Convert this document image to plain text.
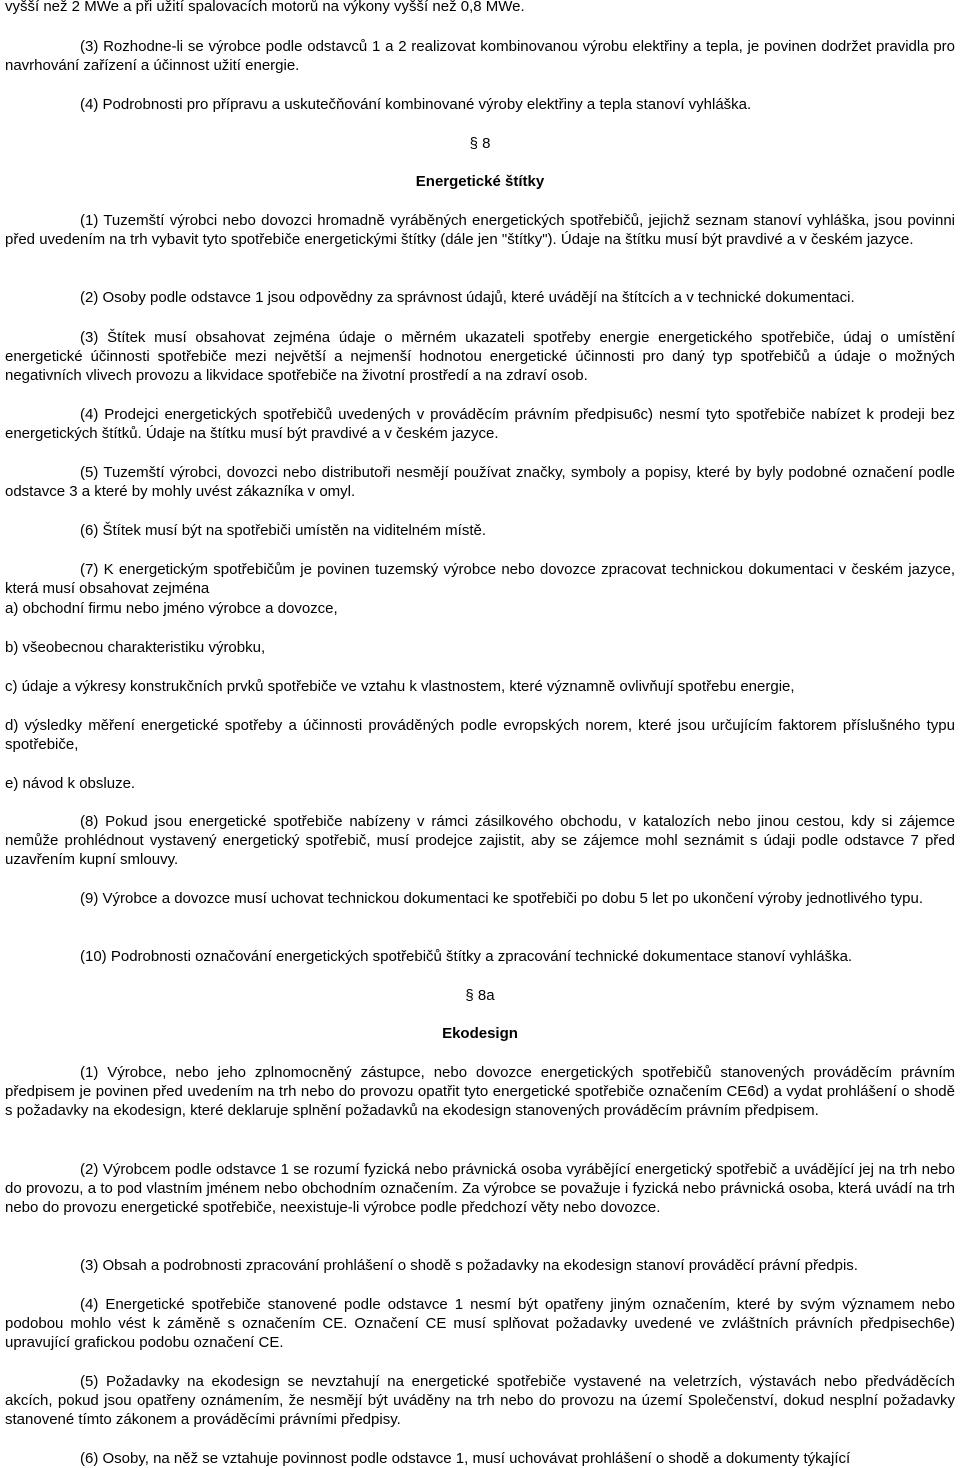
vyšší než 2 MWe a při užití spalovacích motorů na výkony vyšší než 0,8 MWe.

(3) Rozhodne-li se výrobce podle odstavců 1 a 2 realizovat kombinovanou výrobu elektřiny a tepla, je povinen dodržet pravidla pro navrhování zařízení a účinnost užití energie.

(4) Podrobnosti pro přípravu a uskutečňování kombinované výroby elektřiny a tepla stanoví vyhláška.

§ 8

Energetické štítky

(1) Tuzemští výrobci nebo dovozci hromadně vyráběných energetických spotřebičů, jejichž seznam stanoví vyhláška, jsou povinni před uvedením na trh vybavit tyto spotřebiče energetickými štítky (dále jen "štítky"). Údaje na štítku musí být pravdivé a v českém jazyce.

(2) Osoby podle odstavce 1 jsou odpovědny za správnost údajů, které uvádějí na štítcích a v technické dokumentaci.

(3) Štítek musí obsahovat zejména údaje o měrném ukazateli spotřeby energie energetického spotřebiče, údaj o umístění energetické účinnosti spotřebiče mezi největší a nejmenší hodnotou energetické účinnosti pro daný typ spotřebičů a údaje o možných negativních vlivech provozu a likvidace spotřebiče na životní prostředí a na zdraví osob.

(4) Prodejci energetických spotřebičů uvedených v prováděcím právním předpisu6c) nesmí tyto spotřebiče nabízet k prodeji bez energetických štítků. Údaje na štítku musí být pravdivé a v českém jazyce.

(5) Tuzemští výrobci, dovozci nebo distributoři nesmějí používat značky, symboly a popisy, které by byly podobné označení podle odstavce 3 a které by mohly uvést zákazníka v omyl.

(6) Štítek musí být na spotřebiči umístěn na viditelném místě.

(7) K energetickým spotřebičům je povinen tuzemský výrobce nebo dovozce zpracovat technickou dokumentaci v českém jazyce, která musí obsahovat zejména

a) obchodní firmu nebo jméno výrobce a dovozce,

b) všeobecnou charakteristiku výrobku,

c) údaje a výkresy konstrukčních prvků spotřebiče ve vztahu k vlastnostem, které významně ovlivňují spotřebu energie,

d) výsledky měření energetické spotřeby a účinnosti prováděných podle evropských norem, které jsou určujícím faktorem příslušného typu spotřebiče,

e) návod k obsluze.

(8) Pokud jsou energetické spotřebiče nabízeny v rámci zásilkového obchodu, v katalozích nebo jinou cestou, kdy si zájemce nemůže prohlédnout vystavený energetický spotřebič, musí prodejce zajistit, aby se zájemce mohl seznámit s údaji podle odstavce 7 před uzavřením kupní smlouvy.

(9) Výrobce a dovozce musí uchovat technickou dokumentaci ke spotřebiči po dobu 5 let po ukončení výroby jednotlivého typu.

(10) Podrobnosti označování energetických spotřebičů štítky a zpracování technické dokumentace stanoví vyhláška.

§ 8a

Ekodesign

(1) Výrobce, nebo jeho zplnomocněný zástupce, nebo dovozce energetických spotřebičů stanovených prováděcím právním předpisem je povinen před uvedením na trh nebo do provozu opatřit tyto energetické spotřebiče označením CE6d) a vydat prohlášení o shodě s požadavky na ekodesign, které deklaruje splnění požadavků na ekodesign stanovených prováděcím právním předpisem.

(2) Výrobcem podle odstavce 1 se rozumí fyzická nebo právnická osoba vyrábějící energetický spotřebič a uvádějící jej na trh nebo do provozu, a to pod vlastním jménem nebo obchodním označením. Za výrobce se považuje i fyzická nebo právnická osoba, která uvádí na trh nebo do provozu energetické spotřebiče, neexistuje-li výrobce podle předchozí věty nebo dovozce.

(3) Obsah a podrobnosti zpracování prohlášení o shodě s požadavky na ekodesign stanoví prováděcí právní předpis.

(4) Energetické spotřebiče stanovené podle odstavce 1 nesmí být opatřeny jiným označením, které by svým významem nebo podobou mohlo vést k záměně s označením CE. Označení CE musí splňovat požadavky uvedené ve zvláštních právních předpisech6e) upravující grafickou podobu označení CE.

(5) Požadavky na ekodesign se nevztahují na energetické spotřebiče vystavené na veletrzích, výstavách nebo předváděcích akcích, pokud jsou opatřeny oznámením, že nesmějí být uváděny na trh nebo do provozu na území Společenství, dokud nesplní požadavky stanovené tímto zákonem a prováděcími právními předpisy.

(6) Osoby, na něž se vztahuje povinnost podle odstavce 1, musí uchovávat prohlášení o shodě a dokumenty týkající
